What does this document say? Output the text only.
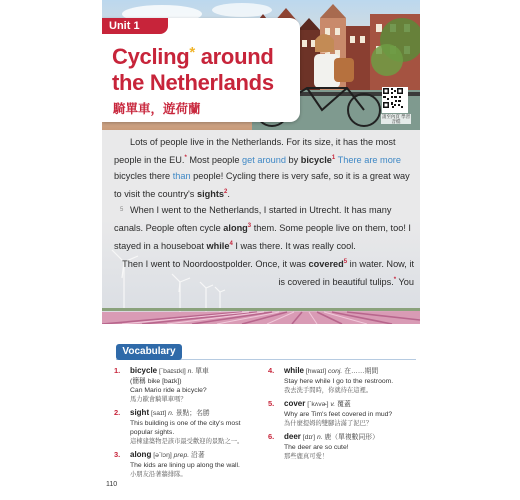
Unit 1
Cycling* around
the Netherlands
騎單車，遊荷蘭
請至內頁 學習音檔

Lots of people live in the Netherlands. For its size, it has the most people in the EU.* Most people get around by bicycle$^1$ There are more bicycles there than people! Cycling there is very safe, so it is a great way to visit the country's sights$^2$.

5 When I went to the Netherlands, I started in Utrecht. It has many canals. People often cycle along$^3$ them. Some people live on them, too! I stayed in a houseboat while$^4$ I was there. It was really cool.

Then I went to Noordoostpolder. Once, it was covered$^5$ in water. Now, it is covered in beautiful tulips.* You

Vocabulary
1. bicycle [ˋbaɪsɪkḷ] n. 單車
(簡稱 bike [baɪk])
Can Mario ride a bicycle?
馬力歐會騎單車嗎？
2. sight [saɪt] n. 景點；名勝
This building is one of the city's most
popular sights.
這棟建築物是該市最受歡迎的景點之一。
3. along [əˋlɔŋ] prep. 沿著
The kids are lining up along the wall.
小朋友沿著牆排隊。
4. while [hwaɪl] conj. 在……期間
Stay here while I go to the restroom.
我去洗手間時，你就待在這裡。
5. cover [ˋkʌvɚ] v. 覆蓋
Why are Tim's feet covered in mud?
為什麼提姆的雙腳沾滿了泥巴？
6. deer [dɪr] n. 鹿（單複數同形）
The deer are so cute!
那些鹿真可愛！
110
